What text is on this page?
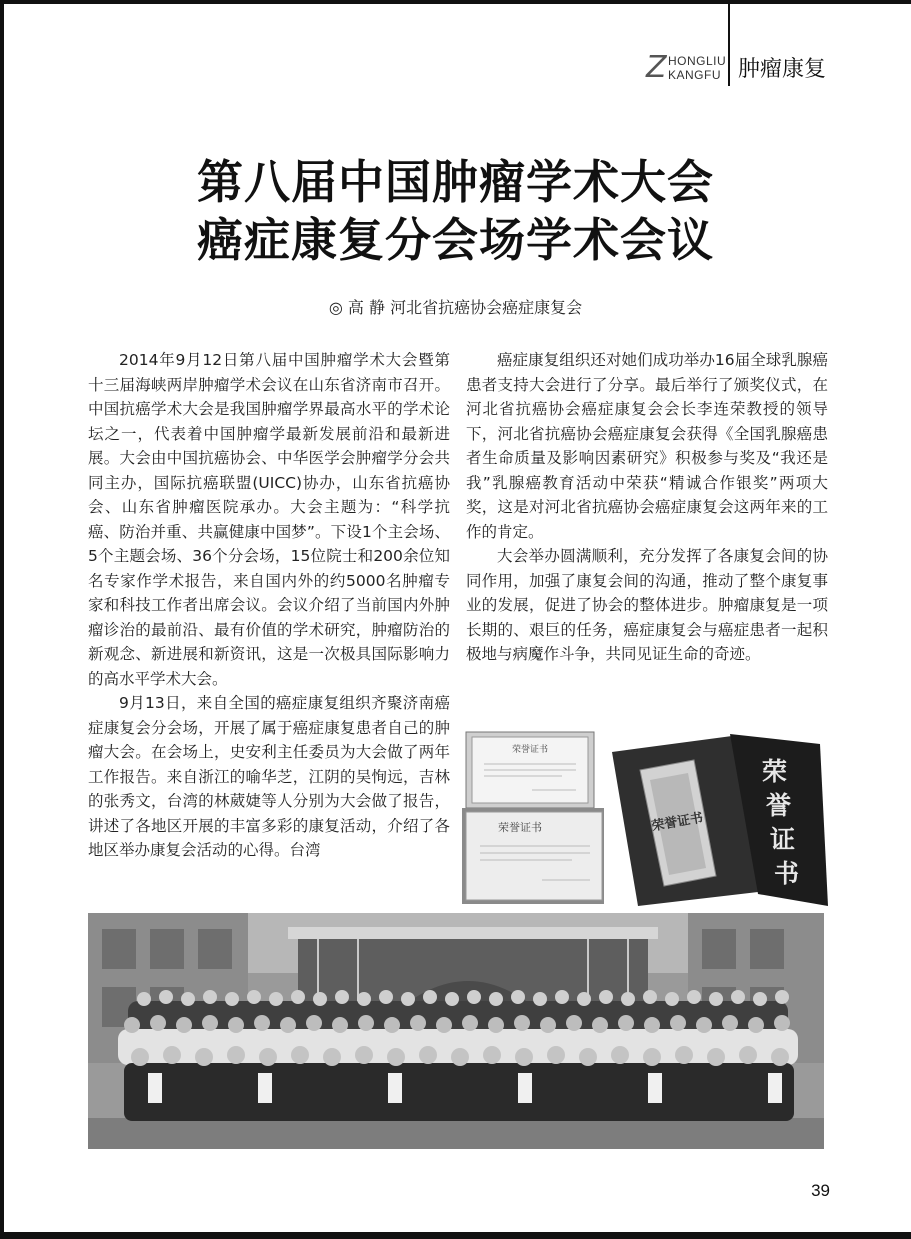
Z HONGLIU
KANGFU 肿瘤康复
第八届中国肿瘤学术大会
癌症康复分会场学术会议
◎ 高 静 河北省抗癌协会癌症康复会

2014年9月12日第八届中国肿瘤学术大会暨第十三届海峡两岸肿瘤学术会议在山东省济南市召开。中国抗癌学术大会是我国肿瘤学界最高水平的学术论坛之一，代表着中国肿瘤学最新发展前沿和最新进展。大会由中国抗癌协会、中华医学会肿瘤学分会共同主办，国际抗癌联盟(UICC)协办，山东省抗癌协会、山东省肿瘤医院承办。大会主题为：“科学抗癌、防治并重、共赢健康中国梦”。下设1个主会场、5个主题会场、36个分会场，15位院士和200余位知名专家作学术报告，来自国内外的约5000名肿瘤专家和科技工作者出席会议。会议介绍了当前国内外肿瘤诊治的最前沿、最有价值的学术研究，肿瘤防治的新观念、新进展和新资讯，这是一次极具国际影响力的高水平学术大会。

9月13日，来自全国的癌症康复组织齐聚济南癌症康复会分会场，开展了属于癌症康复患者自己的肿瘤大会。在会场上，史安利主任委员为大会做了两年工作报告。来自浙江的喻华芝，江阴的吴恂远，吉林的张秀文，台湾的林葳婕等人分别为大会做了报告，讲述了各地区开展的丰富多彩的康复活动，介绍了各地区举办康复会活动的心得。台湾

癌症康复组织还对她们成功举办16届全球乳腺癌患者支持大会进行了分享。最后举行了颁奖仪式，在河北省抗癌协会癌症康复会会长李连荣教授的领导下，河北省抗癌协会癌症康复会获得《全国乳腺癌患者生命质量及影响因素研究》积极参与奖及“我还是我”乳腺癌教育活动中荣获“精诚合作银奖”两项大奖，这是对河北省抗癌协会癌症康复会这两年来的工作的肯定。

大会举办圆满顺利，充分发挥了各康复会间的协同作用，加强了康复会间的沟通，推动了整个康复事业的发展，促进了协会的整体进步。肿瘤康复是一项长期的、艰巨的任务，癌症康复会与癌症患者一起积极地与病魔作斗争，共同见证生命的奇迹。

荣誉证书
荣誉证书	荣誉证书
荣
誉
证
书
39
